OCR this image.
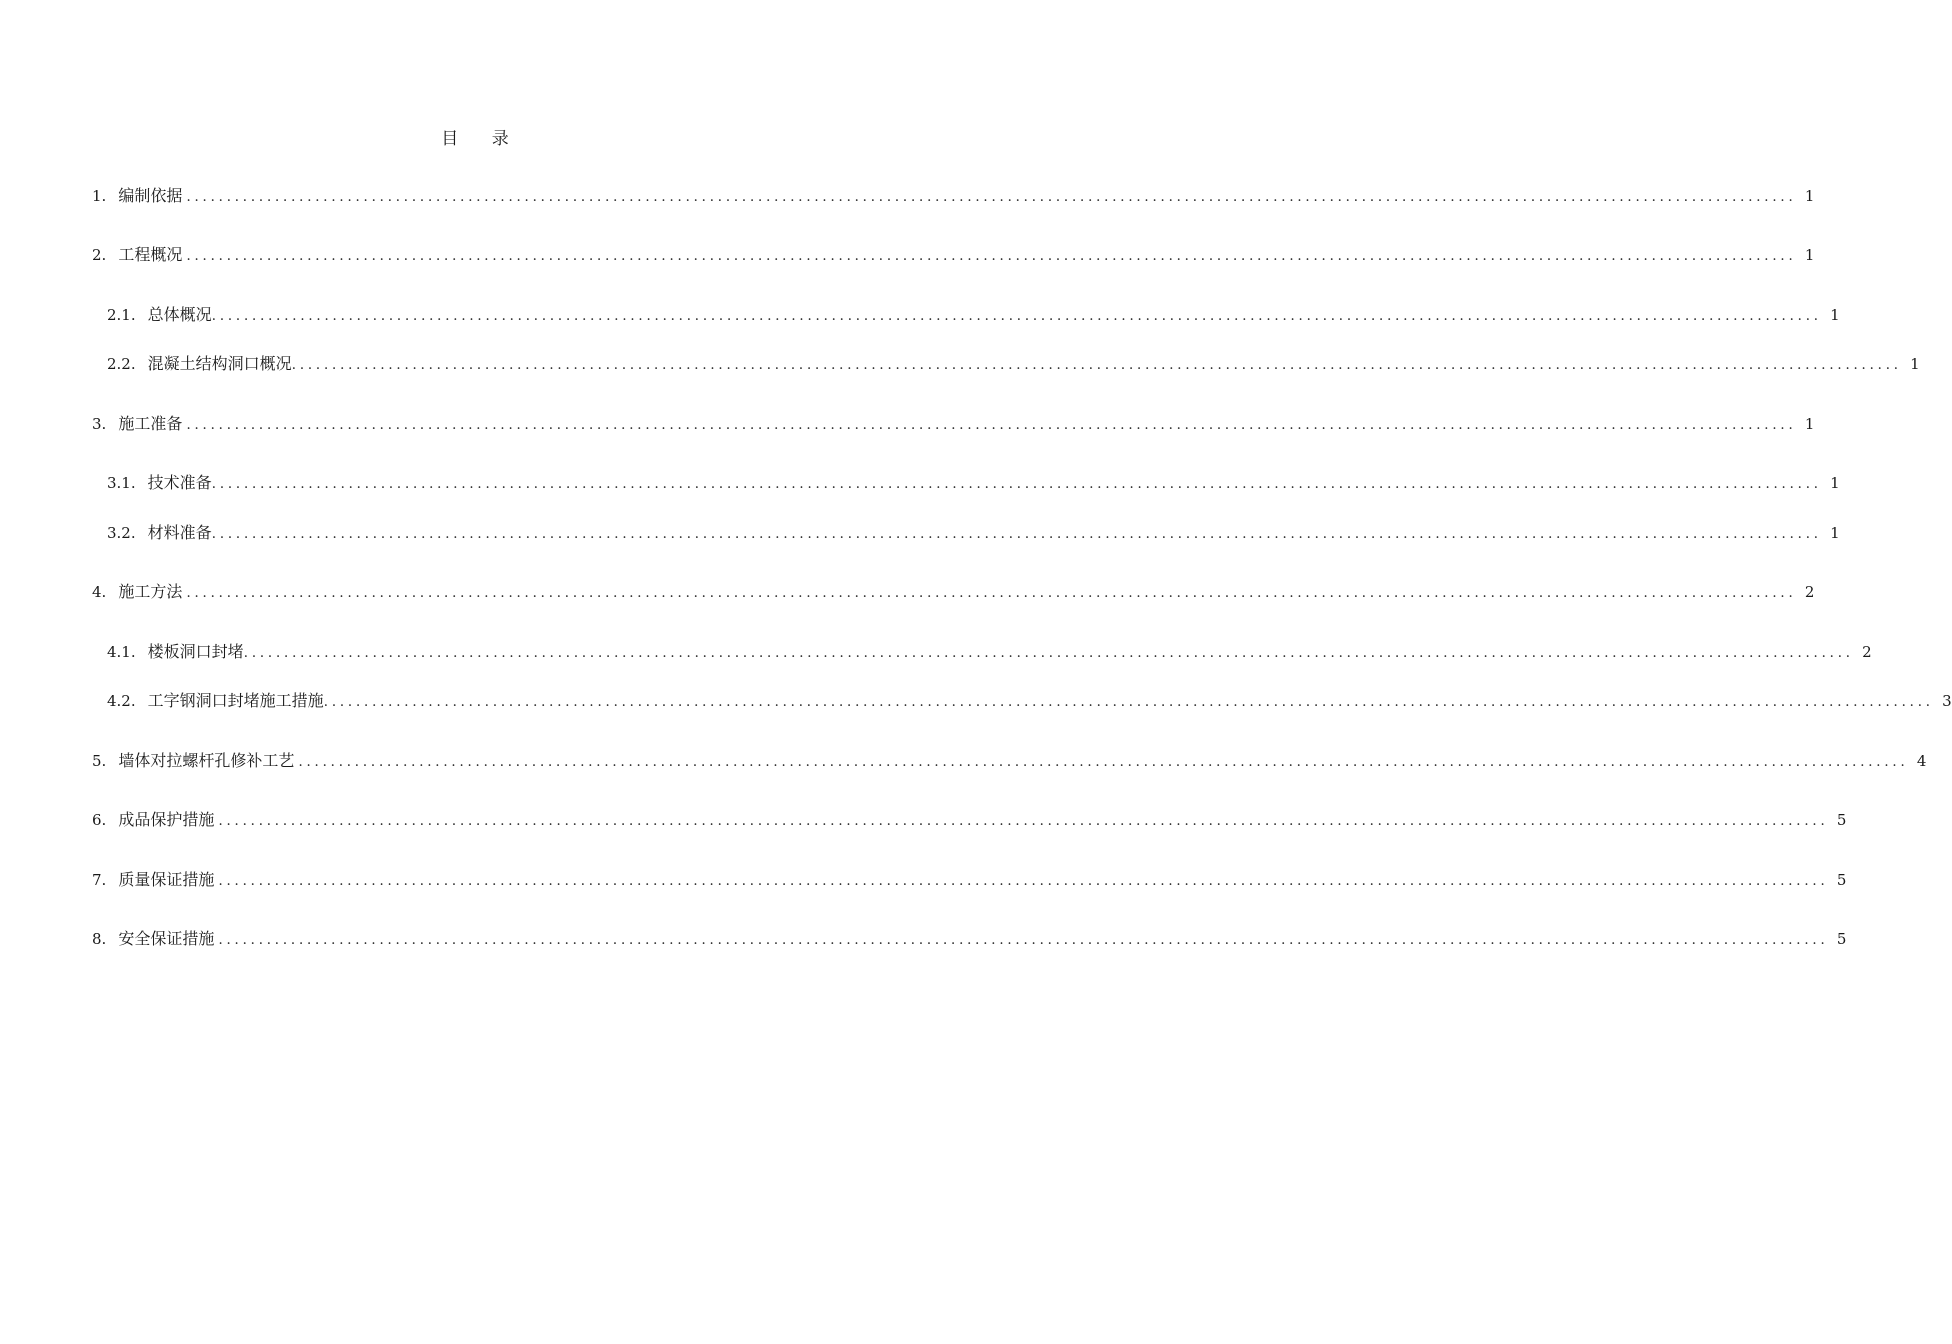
目 录
1. 编制依据 ........................................................................................................................................................................................................ 1
2. 工程概况 ........................................................................................................................................................................................................ 1
2.1. 总体概况 ........................................................................................................................................................................................................ 1
2.2. 混凝土结构洞口概况 ........................................................................................................................................................................................................ 1
3. 施工准备 ........................................................................................................................................................................................................ 1
3.1. 技术准备 ........................................................................................................................................................................................................ 1
3.2. 材料准备 ........................................................................................................................................................................................................ 1
4. 施工方法 ........................................................................................................................................................................................................ 2
4.1. 楼板洞口封堵 ........................................................................................................................................................................................................ 2
4.2. 工字钢洞口封堵施工措施 ........................................................................................................................................................................................................ 3
5. 墙体对拉螺杆孔修补工艺 ........................................................................................................................................................................................................ 4
6. 成品保护措施 ........................................................................................................................................................................................................ 5
7. 质量保证措施 ........................................................................................................................................................................................................ 5
8. 安全保证措施 ........................................................................................................................................................................................................ 5
